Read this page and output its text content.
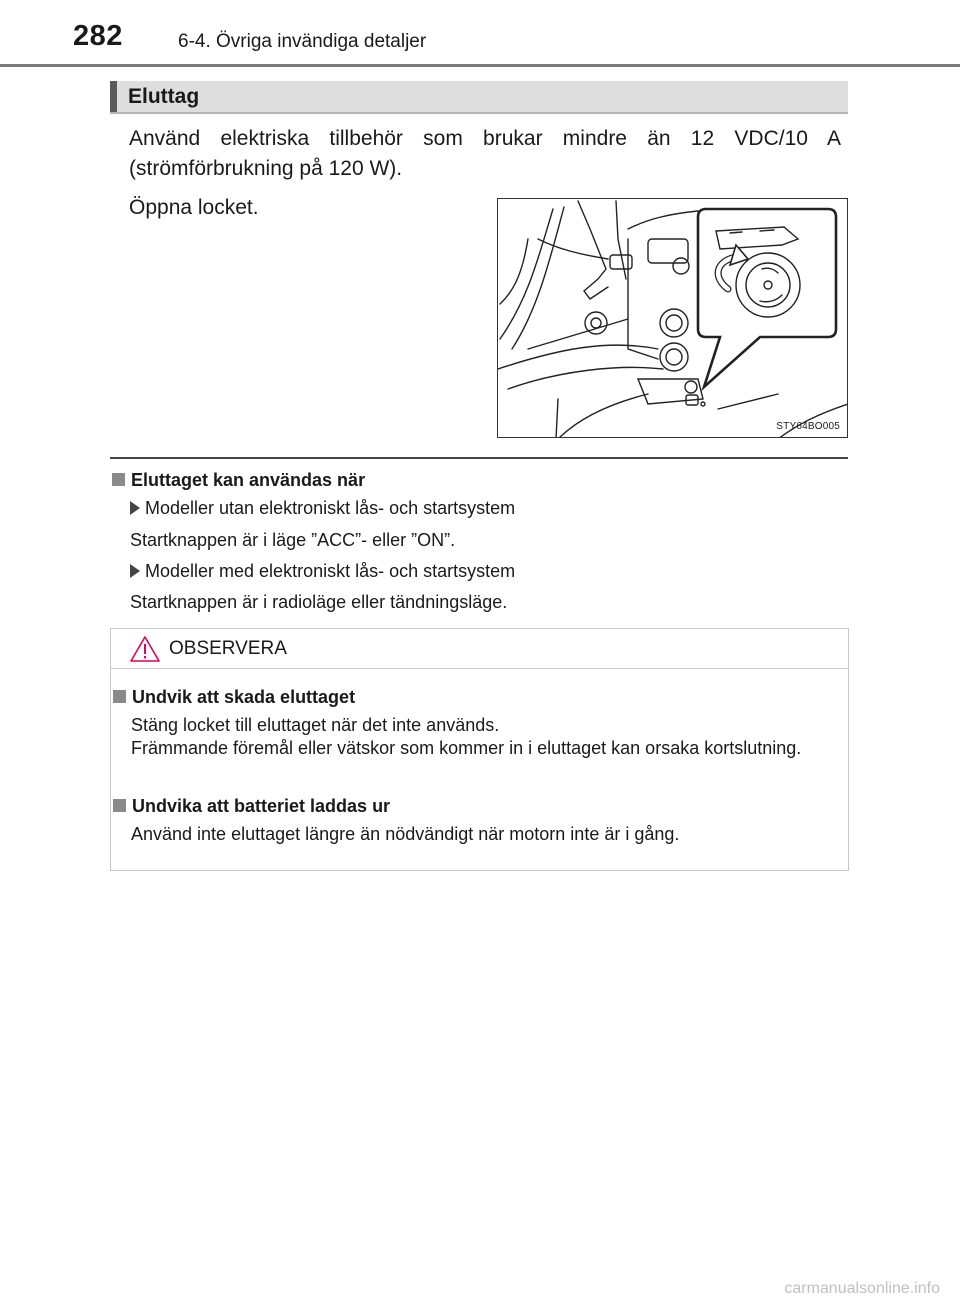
282	6-4. Övriga invändiga detaljer
Eluttag
Använd elektriska tillbehör som brukar mindre än 12 VDC/10 A (strömförbrukning på 120 W).
Öppna locket.
STY64BO005
Eluttaget kan användas när
Modeller utan elektroniskt lås- och startsystem
Startknappen är i läge ”ACC”- eller ”ON”.
Modeller med elektroniskt lås- och startsystem
Startknappen är i radioläge eller tändningsläge.
OBSERVERA
Undvik att skada eluttaget
Stäng locket till eluttaget när det inte används.
Främmande föremål eller vätskor som kommer in i eluttaget kan orsaka kortslutning.
Undvika att batteriet laddas ur
Använd inte eluttaget längre än nödvändigt när motorn inte är i gång.
carmanualsonline.info
